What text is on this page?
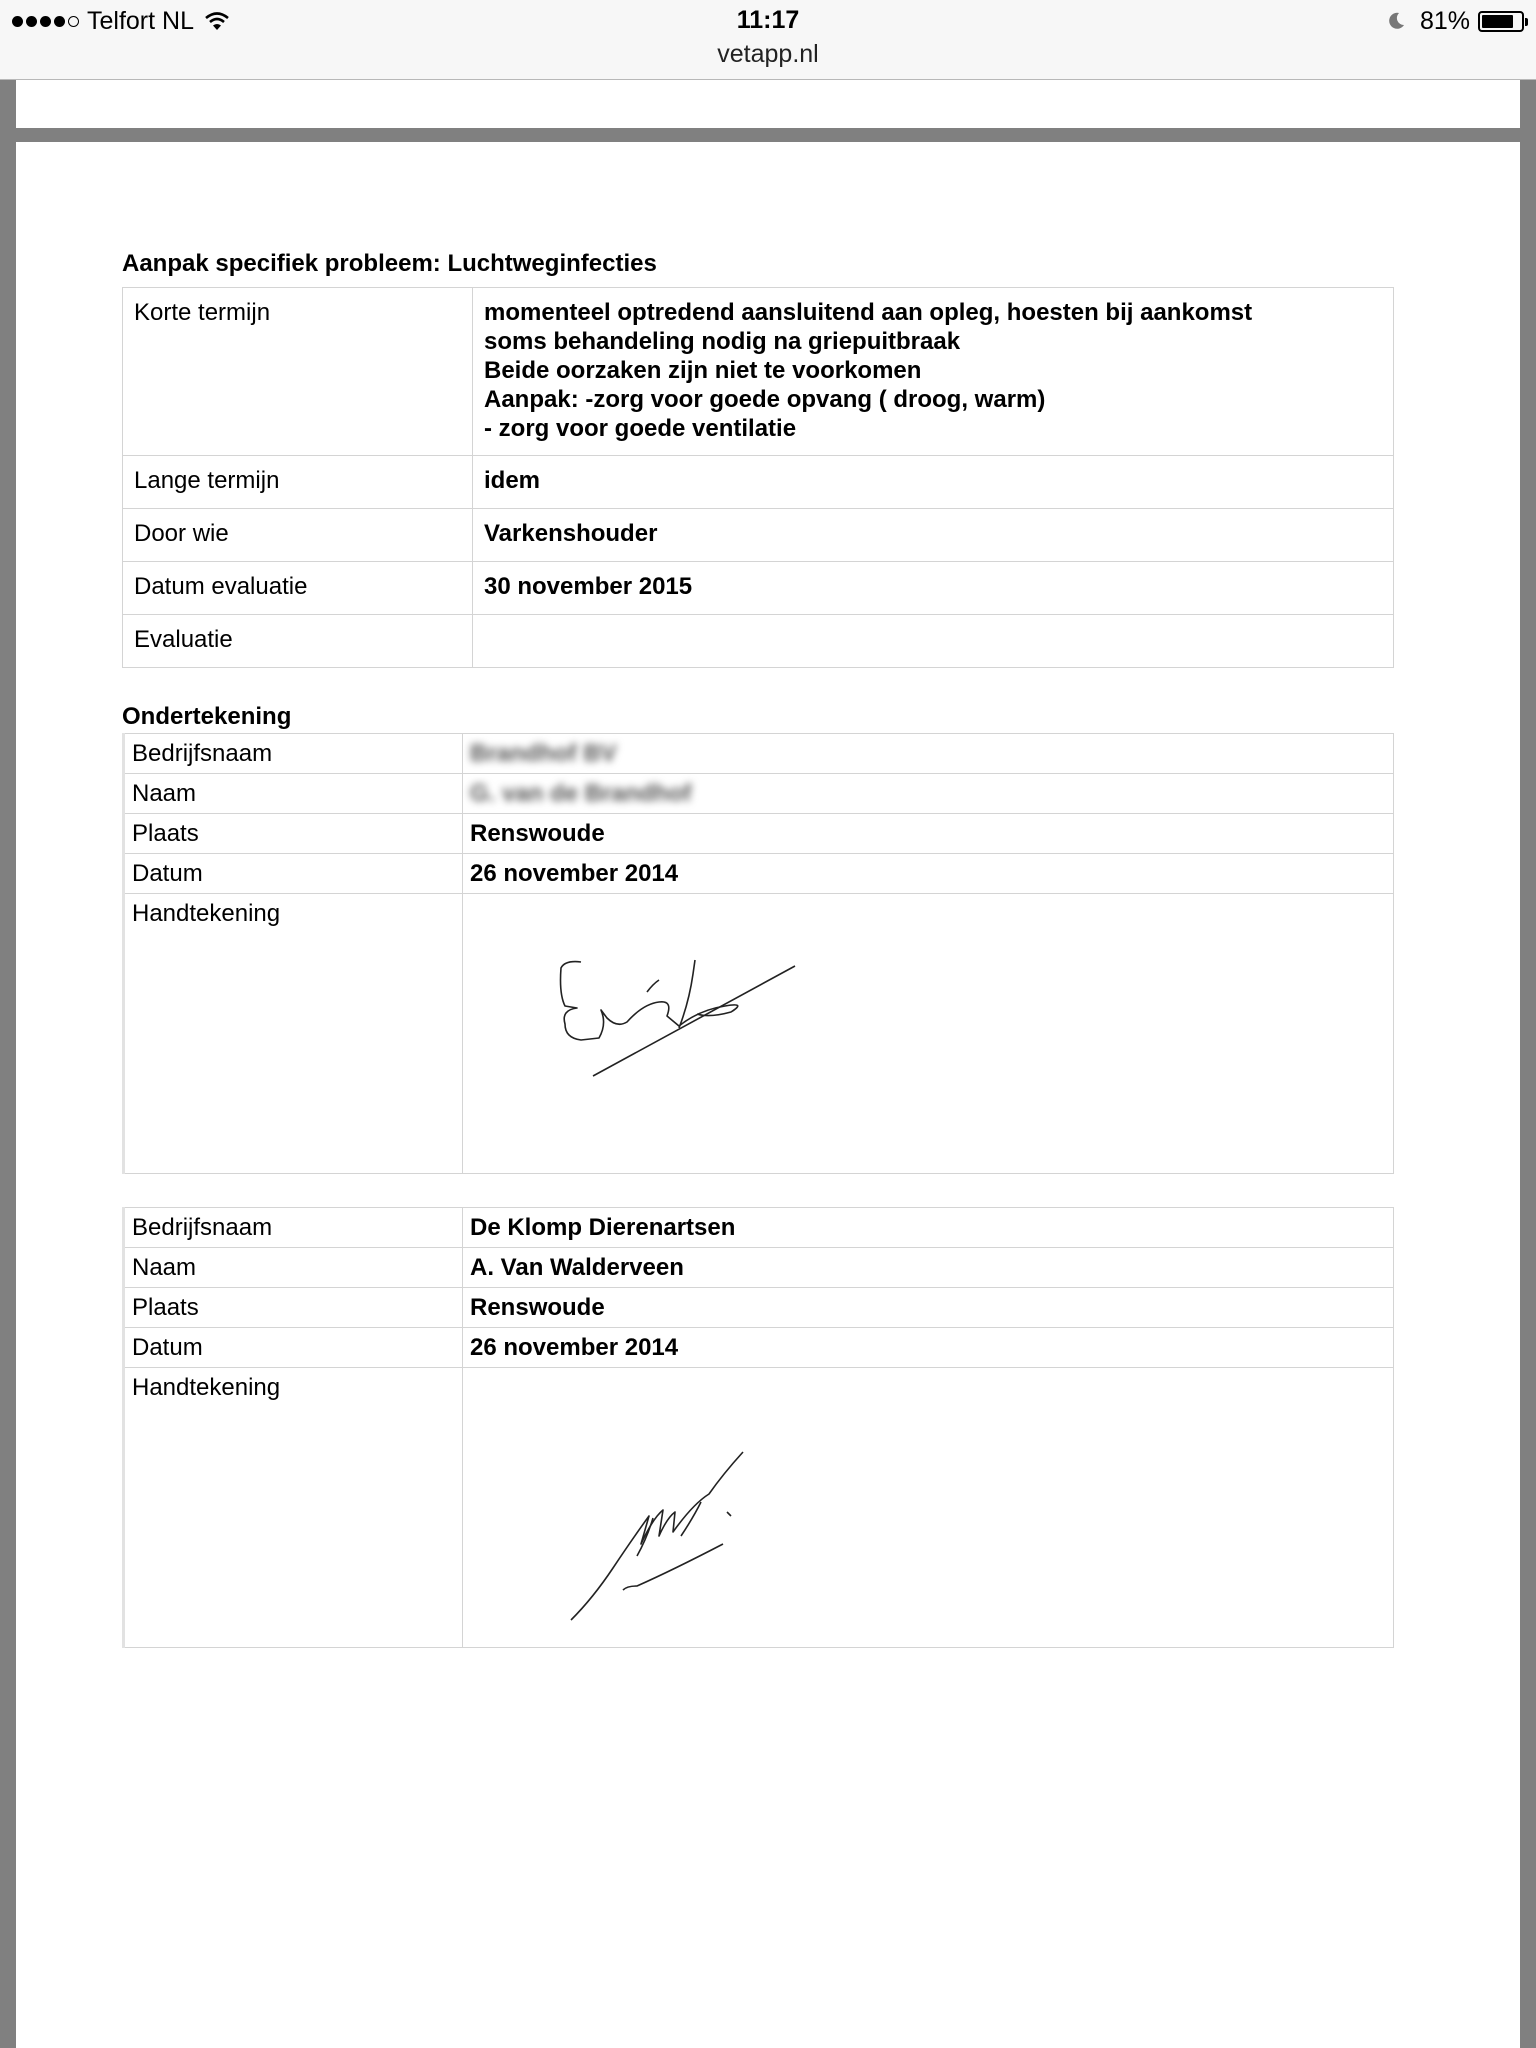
Telfort NL	11:17
vetapp.nl
81%
Aanpak specifiek probleem: Luchtweginfecties
Korte termijn	momenteel optredend aansluitend aan opleg, hoesten bij aankomst
soms behandeling nodig na griepuitbraak
Beide oorzaken zijn niet te voorkomen
Aanpak: -zorg voor goede opvang ( droog, warm)
- zorg voor goede ventilatie

Lange termijn	idem
Door wie	Varkenshouder
Datum evaluatie	30 november 2015
Evaluatie	
Ondertekening
Bedrijfsnaam	Brandhof BV
Naam	G. van de Brandhof
Plaats	Renswoude
Datum	26 november 2014
Handtekening	
Bedrijfsnaam	De Klomp Dierenartsen
Naam	A. Van Walderveen
Plaats	Renswoude
Datum	26 november 2014
Handtekening	
